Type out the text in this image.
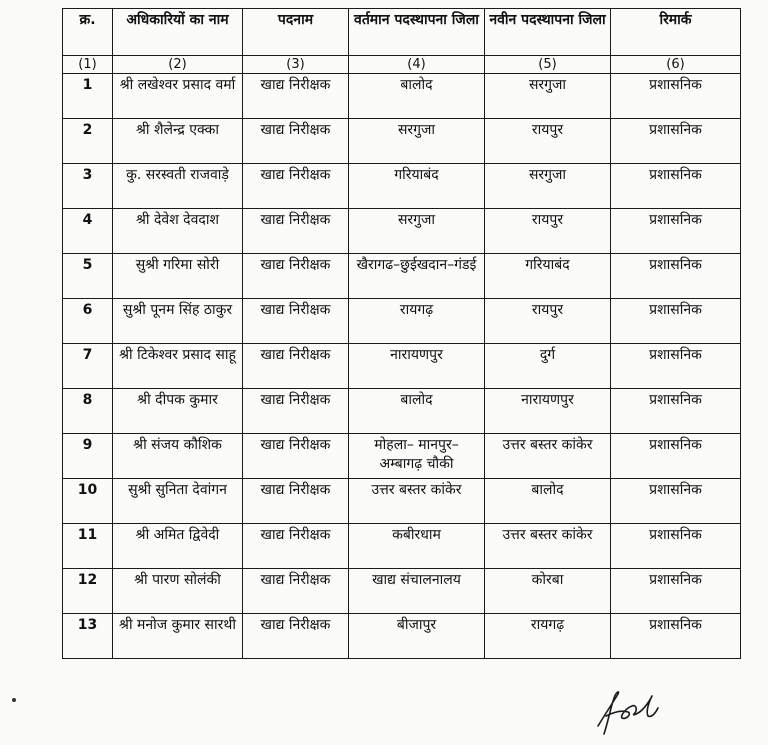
क्र.	अधिकारियों का नाम	पदनाम	वर्तमान पदस्थापना जिला	नवीन पदस्थापना जिला	रिमार्क
(1)	(2)	(3)	(4)	(5)	(6)
1	श्री लखेश्वर प्रसाद वर्मा	खाद्य निरीक्षक	बालोद	सरगुजा	प्रशासनिक
2	श्री शैलेन्द्र एक्का	खाद्य निरीक्षक	सरगुजा	रायपुर	प्रशासनिक
3	कु. सरस्वती राजवाड़े	खाद्य निरीक्षक	गरियाबंद	सरगुजा	प्रशासनिक
4	श्री देवेश देवदाश	खाद्य निरीक्षक	सरगुजा	रायपुर	प्रशासनिक
5	सुश्री गरिमा सोरी	खाद्य निरीक्षक	खैरागढ–छुईखदान–गंडई	गरियाबंद	प्रशासनिक
6	सुश्री पूनम सिंह ठाकुर	खाद्य निरीक्षक	रायगढ़	रायपुर	प्रशासनिक
7	श्री टिकेश्वर प्रसाद साहू	खाद्य निरीक्षक	नारायणपुर	दुर्ग	प्रशासनिक
8	श्री दीपक कुमार	खाद्य निरीक्षक	बालोद	नारायणपुर	प्रशासनिक
9	श्री संजय कौशिक	खाद्य निरीक्षक	मोहला– मानपुर– अम्बागढ़ चौकी	उत्तर बस्तर कांकेर	प्रशासनिक
10	सुश्री सुनिता देवांगन	खाद्य निरीक्षक	उत्तर बस्तर कांकेर	बालोद	प्रशासनिक
11	श्री अमित द्विवेदी	खाद्य निरीक्षक	कबीरधाम	उत्तर बस्तर कांकेर	प्रशासनिक
12	श्री पारण सोलंकी	खाद्य निरीक्षक	खाद्य संचालनालय	कोरबा	प्रशासनिक
13	श्री मनोज कुमार सारथी	खाद्य निरीक्षक	बीजापुर	रायगढ़	प्रशासनिक
